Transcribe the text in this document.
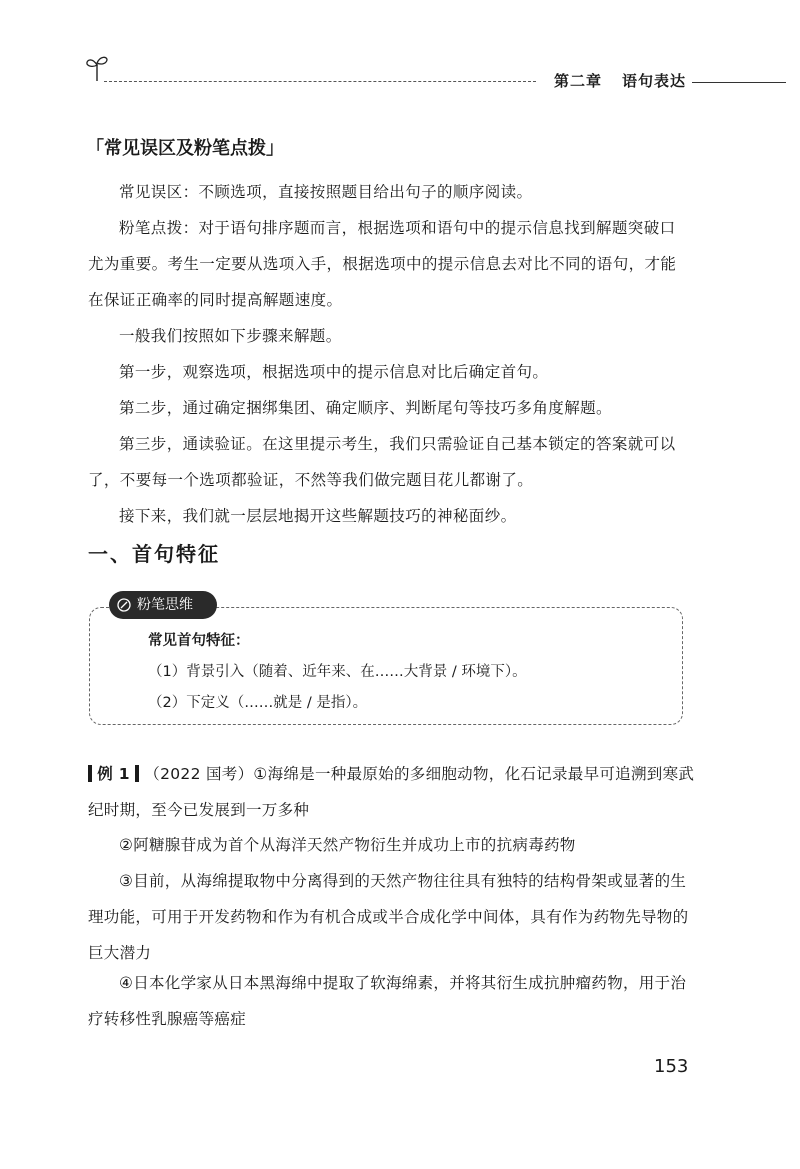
第二章 语句表达
「常见误区及粉笔点拨」
常见误区：不顾选项，直接按照题目给出句子的顺序阅读。
粉笔点拨：对于语句排序题而言，根据选项和语句中的提示信息找到解题突破口尤为重要。考生一定要从选项入手，根据选项中的提示信息去对比不同的语句，才能在保证正确率的同时提高解题速度。
一般我们按照如下步骤来解题。
第一步，观察选项，根据选项中的提示信息对比后确定首句。
第二步，通过确定捆绑集团、确定顺序、判断尾句等技巧多角度解题。
第三步，通读验证。在这里提示考生，我们只需验证自己基本锁定的答案就可以了，不要每一个选项都验证，不然等我们做完题目花儿都谢了。
接下来，我们就一层层地揭开这些解题技巧的神秘面纱。
一、首句特征
粉笔思维
常见首句特征：
（1）背景引入（随着、近年来、在……大背景 / 环境下）。
（2）下定义（……就是 / 是指）。
例 1 （2022 国考）①海绵是一种最原始的多细胞动物，化石记录最早可追溯到寒武纪时期，至今已发展到一万多种
②阿糖腺苷成为首个从海洋天然产物衍生并成功上市的抗病毒药物
③目前，从海绵提取物中分离得到的天然产物往往具有独特的结构骨架或显著的生理功能，可用于开发药物和作为有机合成或半合成化学中间体，具有作为药物先导物的巨大潜力
④日本化学家从日本黑海绵中提取了软海绵素，并将其衍生成抗肿瘤药物，用于治疗转移性乳腺癌等癌症
153
